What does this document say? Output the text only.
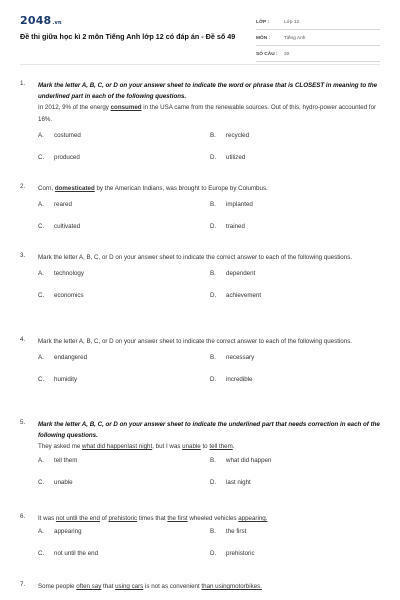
2048.vn
Đề thi giữa học kì 2 môn Tiếng Anh lớp 12 có đáp án - Đề số 49
LỚP :	Lớp 12
MÔN :	Tiếng Anh
SỐ CÂU : 20
1. Mark the letter A, B, C, or D on your answer sheet to indicate the word or phrase that is CLOSEST in meaning to the underlined part in each of the following questions.
In 2012, 9% of the energy consumed in the USA came from the renewable sources. Out of this, hydro-power accounted for 16%.
A. costumed	B. recycled
C. produced	D. utilized
2. Corn, domesticated by the American Indians, was brought to Europe by Columbus.
A. reared	B. implanted
C. cultivated	D. trained
3. Mark the letter A, B, C, or D on your answer sheet to indicate the correct answer to each of the following questions.
A. technology	B. dependent
C. economics	D. achievement
4. Mark the letter A, B, C, or D on your answer sheet to indicate the correct answer to each of the following questions.
A. endangered	B. necessary
C. humidity	D. incredible
5. Mark the letter A, B, C, or D on your answer sheet to indicate the underlined part that needs correction in each of the following questions.
They asked me what did happenlast night, but I was unable to tell them.
A. tell them	B. what did happen
C. unable	D. last night
6. It was not until the end of prehistoric times that the first wheeled vehicles appearing.
A. appearing	B. the first
C. not until the end	D. prehistoric
7. Some people often say that using cars is not as convenient than usingmotorbikes.
